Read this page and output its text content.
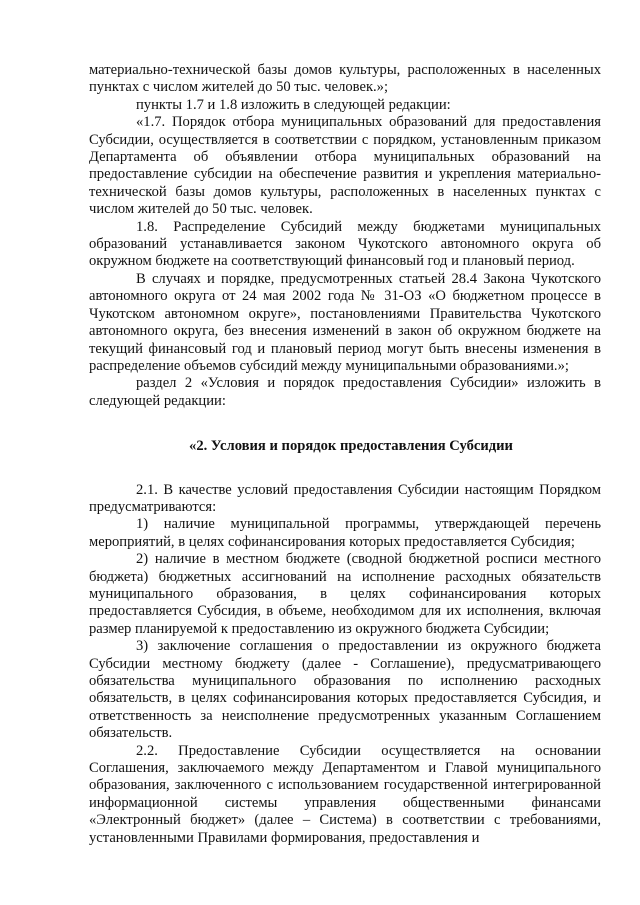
материально-технической базы домов культуры, расположенных в населенных пунктах с числом жителей до 50 тыс. человек.»;

пункты 1.7 и 1.8 изложить в следующей редакции:

«1.7. Порядок отбора муниципальных образований для предоставления Субсидии, осуществляется в соответствии с порядком, установленным приказом Департамента об объявлении отбора муниципальных образований на предоставление субсидии на обеспечение развития и укрепления материально-технической базы домов культуры, расположенных в населенных пунктах с числом жителей до 50 тыс. человек.

1.8. Распределение Субсидий между бюджетами муниципальных образований устанавливается законом Чукотского автономного округа об окружном бюджете на соответствующий финансовый год и плановый период.

В случаях и порядке, предусмотренных статьей 28.4 Закона Чукотского автономного округа от 24 мая 2002 года № 31-ОЗ «О бюджетном процессе в Чукотском автономном округе», постановлениями Правительства Чукотского автономного округа, без внесения изменений в закон об окружном бюджете на текущий финансовый год и плановый период могут быть внесены изменения в распределение объемов субсидий между муниципальными образованиями.»;

раздел 2 «Условия и порядок предоставления Субсидии» изложить в следующей редакции:

«2. Условия и порядок предоставления Субсидии

2.1. В качестве условий предоставления Субсидии настоящим Порядком предусматриваются:

1) наличие муниципальной программы, утверждающей перечень мероприятий, в целях софинансирования которых предоставляется Субсидия;

2) наличие в местном бюджете (сводной бюджетной росписи местного бюджета) бюджетных ассигнований на исполнение расходных обязательств муниципального образования, в целях софинансирования которых предоставляется Субсидия, в объеме, необходимом для их исполнения, включая размер планируемой к предоставлению из окружного бюджета Субсидии;

3) заключение соглашения о предоставлении из окружного бюджета Субсидии местному бюджету (далее - Соглашение), предусматривающего обязательства муниципального образования по исполнению расходных обязательств, в целях софинансирования которых предоставляется Субсидия, и ответственность за неисполнение предусмотренных указанным Соглашением обязательств.

2.2. Предоставление Субсидии осуществляется на основании Соглашения, заключаемого между Департаментом и Главой муниципального образования, заключенного с использованием государственной интегрированной информационной системы управления общественными финансами «Электронный бюджет» (далее – Система) в соответствии с требованиями, установленными Правилами формирования, предоставления и
